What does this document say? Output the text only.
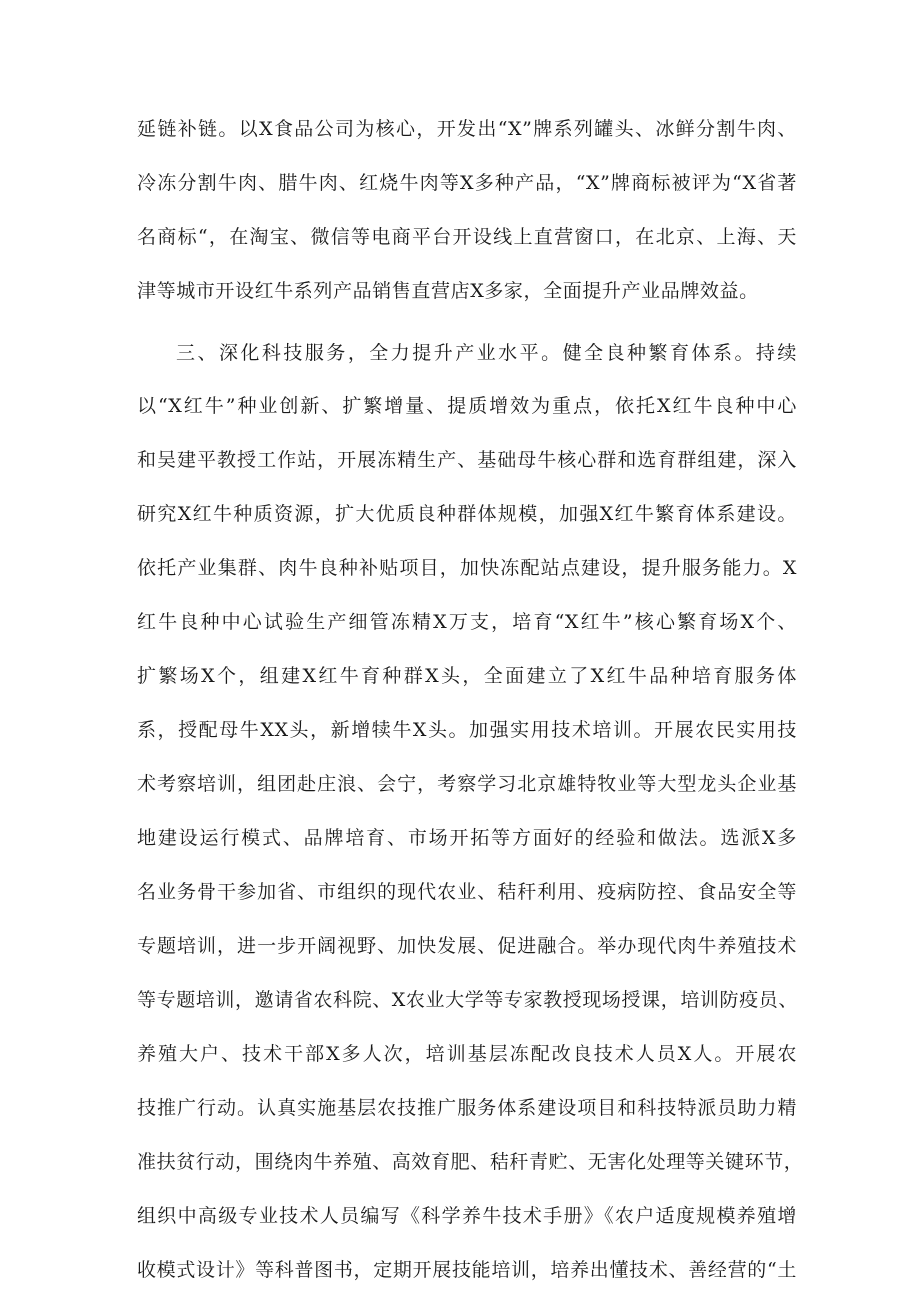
延链补链。以X食品公司为核心，开发出“X”牌系列罐头、冰鲜分割牛肉、

冷冻分割牛肉、腊牛肉、红烧牛肉等X多种产品，“X”牌商标被评为“X省著

名商标“，在淘宝、微信等电商平台开设线上直营窗口，在北京、上海、天

津等城市开设红牛系列产品销售直营店X多家，全面提升产业品牌效益。

三、深化科技服务，全力提升产业水平。健全良种繁育体系。持续

以“X红牛”种业创新、扩繁增量、提质增效为重点，依托X红牛良种中心

和吴建平教授工作站，开展冻精生产、基础母牛核心群和选育群组建，深入

研究X红牛种质资源，扩大优质良种群体规模，加强X红牛繁育体系建设。

依托产业集群、肉牛良种补贴项目，加快冻配站点建设，提升服务能力。X

红牛良种中心试验生产细管冻精X万支，培育“X红牛”核心繁育场X个、

扩繁场X个，组建X红牛育种群X头，全面建立了X红牛品种培育服务体

系，授配母牛XX头，新增犊牛X头。加强实用技术培训。开展农民实用技

术考察培训，组团赴庄浪、会宁，考察学习北京雄特牧业等大型龙头企业基

地建设运行模式、品牌培育、市场开拓等方面好的经验和做法。选派X多

名业务骨干参加省、市组织的现代农业、秸秆利用、疫病防控、食品安全等

专题培训，进一步开阔视野、加快发展、促进融合。举办现代肉牛养殖技术

等专题培训，邀请省农科院、X农业大学等专家教授现场授课，培训防疫员、

养殖大户、技术干部X多人次，培训基层冻配改良技术人员X人。开展农

技推广行动。认真实施基层农技推广服务体系建设项目和科技特派员助力精

准扶贫行动，围绕肉牛养殖、高效育肥、秸秆青贮、无害化处理等关键环节，

组织中高级专业技术人员编写《科学养牛技术手册》《农户适度规模养殖增

收模式设计》等科普图书，定期开展技能培训，培养出懂技术、善经营的“土
